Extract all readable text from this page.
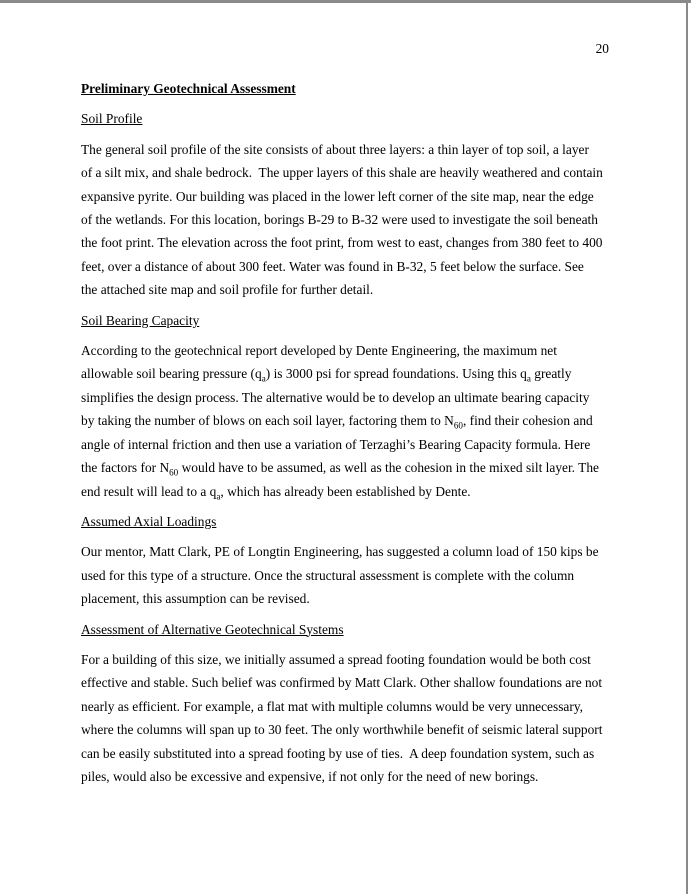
20
Preliminary Geotechnical Assessment
Soil Profile
The general soil profile of the site consists of about three layers: a thin layer of top soil, a layer
of a silt mix, and shale bedrock.  The upper layers of this shale are heavily weathered and contain
expansive pyrite. Our building was placed in the lower left corner of the site map, near the edge
of the wetlands. For this location, borings B-29 to B-32 were used to investigate the soil beneath
the foot print. The elevation across the foot print, from west to east, changes from 380 feet to 400
feet, over a distance of about 300 feet. Water was found in B-32, 5 feet below the surface. See
the attached site map and soil profile for further detail.
Soil Bearing Capacity
According to the geotechnical report developed by Dente Engineering, the maximum net
allowable soil bearing pressure $(q_a)$ is 3000 psi for spread foundations. Using this $q_a$ greatly
simplifies the design process. The alternative would be to develop an ultimate bearing capacity
by taking the number of blows on each soil layer, factoring them to $N_{60}$, find their cohesion and
angle of internal friction and then use a variation of Terzaghi’s Bearing Capacity formula. Here
the factors for $N_{60}$ would have to be assumed, as well as the cohesion in the mixed silt layer. The
end result will lead to a $q_a$, which has already been established by Dente.
Assumed Axial Loadings
Our mentor, Matt Clark, PE of Longtin Engineering, has suggested a column load of 150 kips be
used for this type of a structure. Once the structural assessment is complete with the column
placement, this assumption can be revised.
Assessment of Alternative Geotechnical Systems
For a building of this size, we initially assumed a spread footing foundation would be both cost
effective and stable. Such belief was confirmed by Matt Clark. Other shallow foundations are not
nearly as efficient. For example, a flat mat with multiple columns would be very unnecessary,
where the columns will span up to 30 feet. The only worthwhile benefit of seismic lateral support
can be easily substituted into a spread footing by use of ties.  A deep foundation system, such as
piles, would also be excessive and expensive, if not only for the need of new borings.
